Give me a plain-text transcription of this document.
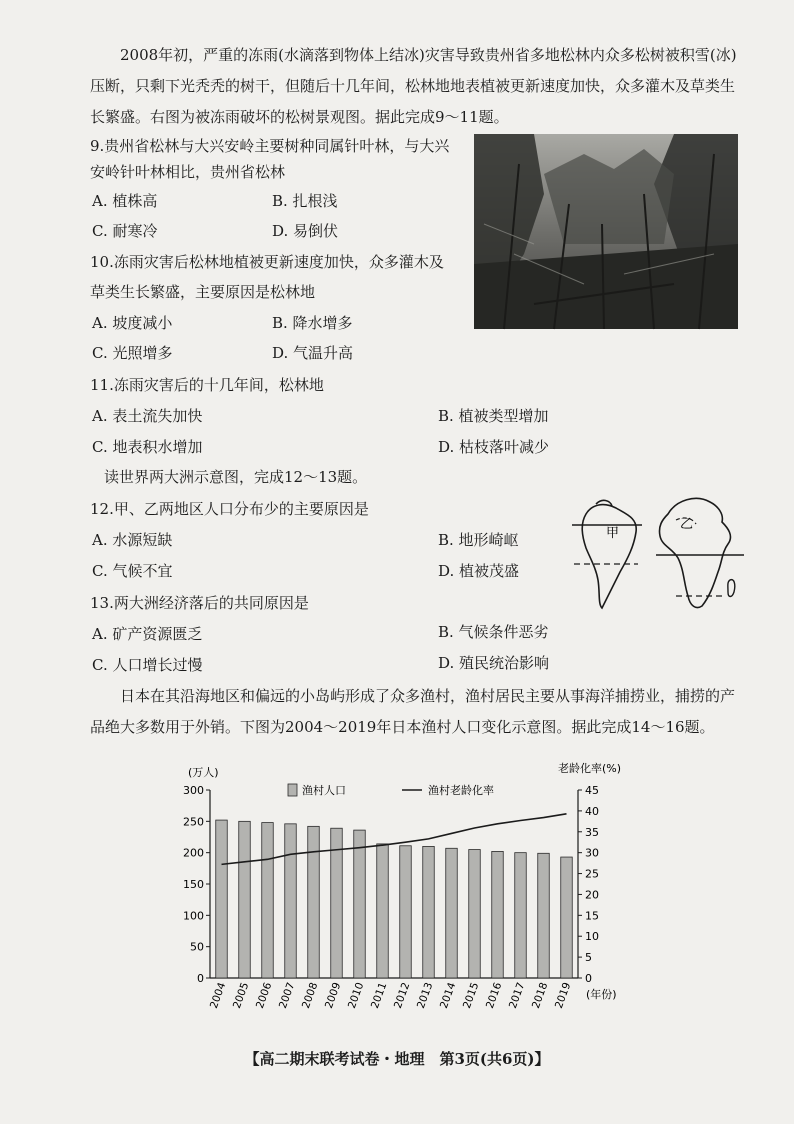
2008年初，严重的冻雨(水滴落到物体上结冰)灾害导致贵州省多地松林内众多松树被积雪(冰)压断，只剩下光秃秃的树干，但随后十几年间，松林地地表植被更新速度加快，众多灌木及草类生长繁盛。右图为被冻雨破坏的松树景观图。据此完成9～11题。
9.贵州省松林与大兴安岭主要树种同属针叶林，与大兴
安岭针叶林相比，贵州省松林
A. 植株高	B. 扎根浅
C. 耐寒冷	D. 易倒伏
10.冻雨灾害后松林地植被更新速度加快，众多灌木及
草类生长繁盛，主要原因是松林地
A. 坡度减小	B. 降水增多
C. 光照增多	D. 气温升高
11.冻雨灾害后的十几年间，松林地
A. 表土流失加快	B. 植被类型增加
C. 地表积水增加	D. 枯枝落叶减少
读世界两大洲示意图，完成12～13题。
12.甲、乙两地区人口分布少的主要原因是
A. 水源短缺	B. 地形崎岖
C. 气候不宜	D. 植被茂盛
13.两大洲经济落后的共同原因是
A. 矿产资源匮乏	B. 气候条件恶劣
C. 人口增长过慢	D. 殖民统治影响
甲
乙
日本在其沿海地区和偏远的小岛屿形成了众多渔村，渔村居民主要从事海洋捕捞业，捕捞的产品绝大多数用于外销。下图为2004～2019年日本渔村人口变化示意图。据此完成14～16题。
0
50
100
150
200
250
300
0
5
10
15
20
25
30
35
40
45
(万人)	老龄化率(%)
2004 2005 2006 2007 2008 2009 2010 2011 2012 2013 2014 2015 2016 2017 2018 2019 (年份)
渔村人口	渔村老龄化率
【高二期末联考试卷・地理　第3页(共6页)】
